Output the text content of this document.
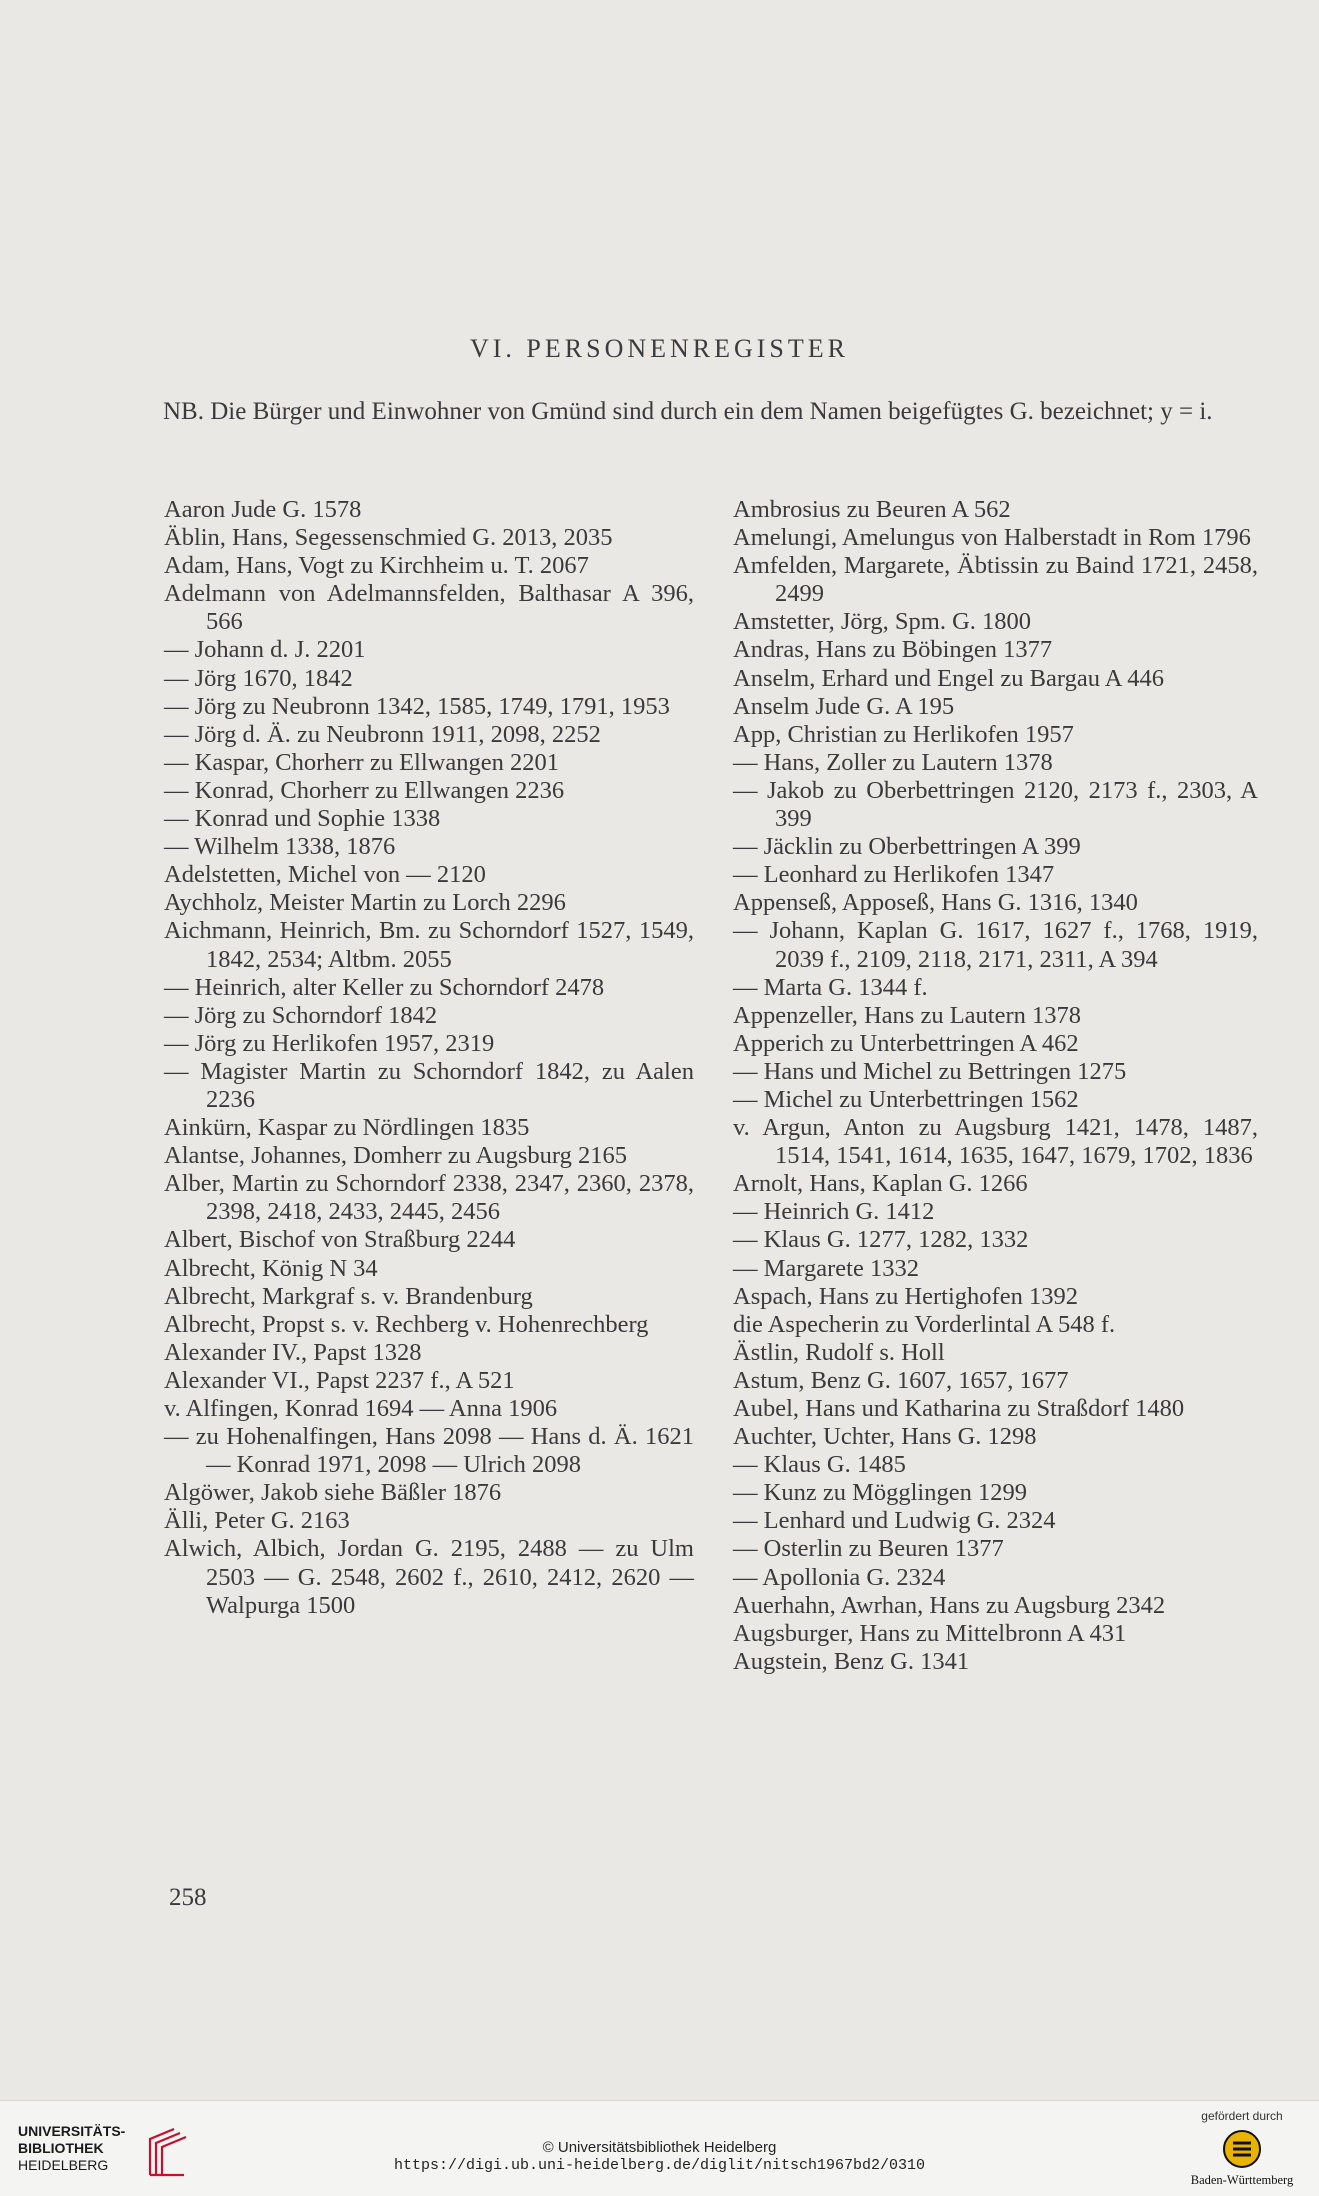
VI. PERSONENREGISTER
NB. Die Bürger und Einwohner von Gmünd sind durch ein dem Namen beigefügtes G. bezeichnet; y = i.

Aaron Jude G. 1578

Äblin, Hans, Segessenschmied G. 2013, 2035

Adam, Hans, Vogt zu Kirchheim u. T. 2067

Adelmann von Adelmannsfelden, Balthasar A 396, 566

— Johann d. J. 2201

— Jörg 1670, 1842

— Jörg zu Neubronn 1342, 1585, 1749, 1791, 1953

— Jörg d. Ä. zu Neubronn 1911, 2098, 2252

— Kaspar, Chorherr zu Ellwangen 2201

— Konrad, Chorherr zu Ellwangen 2236

— Konrad und Sophie 1338

— Wilhelm 1338, 1876

Adelstetten, Michel von — 2120

Aychholz, Meister Martin zu Lorch 2296

Aichmann, Heinrich, Bm. zu Schorndorf 1527, 1549, 1842, 2534; Altbm. 2055

— Heinrich, alter Keller zu Schorndorf 2478

— Jörg zu Schorndorf 1842

— Jörg zu Herlikofen 1957, 2319

— Magister Martin zu Schorndorf 1842, zu Aalen 2236

Ainkürn, Kaspar zu Nördlingen 1835

Alantse, Johannes, Domherr zu Augsburg 2165

Alber, Martin zu Schorndorf 2338, 2347, 2360, 2378, 2398, 2418, 2433, 2445, 2456

Albert, Bischof von Straßburg 2244

Albrecht, König N 34

Albrecht, Markgraf s. v. Brandenburg

Albrecht, Propst s. v. Rechberg v. Hohenrechberg

Alexander IV., Papst 1328

Alexander VI., Papst 2237 f., A 521

v. Alfingen, Konrad 1694 — Anna 1906

— zu Hohenalfingen, Hans 2098 — Hans d. Ä. 1621 — Konrad 1971, 2098 — Ulrich 2098

Algöwer, Jakob siehe Bäßler 1876

Älli, Peter G. 2163

Alwich, Albich, Jordan G. 2195, 2488 — zu Ulm 2503 — G. 2548, 2602 f., 2610, 2412, 2620 — Walpurga 1500

Ambrosius zu Beuren A 562

Amelungi, Amelungus von Halberstadt in Rom 1796

Amfelden, Margarete, Äbtissin zu Baind 1721, 2458, 2499

Amstetter, Jörg, Spm. G. 1800

Andras, Hans zu Böbingen 1377

Anselm, Erhard und Engel zu Bargau A 446

Anselm Jude G. A 195

App, Christian zu Herlikofen 1957

— Hans, Zoller zu Lautern 1378

— Jakob zu Oberbettringen 2120, 2173 f., 2303, A 399

— Jäcklin zu Oberbettringen A 399

— Leonhard zu Herlikofen 1347

Appenseß, Apposeß, Hans G. 1316, 1340

— Johann, Kaplan G. 1617, 1627 f., 1768, 1919, 2039 f., 2109, 2118, 2171, 2311, A 394

— Marta G. 1344 f.

Appenzeller, Hans zu Lautern 1378

Apperich zu Unterbettringen A 462

— Hans und Michel zu Bettringen 1275

— Michel zu Unterbettringen 1562

v. Argun, Anton zu Augsburg 1421, 1478, 1487, 1514, 1541, 1614, 1635, 1647, 1679, 1702, 1836

Arnolt, Hans, Kaplan G. 1266

— Heinrich G. 1412

— Klaus G. 1277, 1282, 1332

— Margarete 1332

Aspach, Hans zu Hertighofen 1392

die Aspecherin zu Vorderlintal A 548 f.

Ästlin, Rudolf s. Holl

Astum, Benz G. 1607, 1657, 1677

Aubel, Hans und Katharina zu Straßdorf 1480

Auchter, Uchter, Hans G. 1298

— Klaus G. 1485

— Kunz zu Mögglingen 1299

— Lenhard und Ludwig G. 2324

— Osterlin zu Beuren 1377

— Apollonia G. 2324

Auerhahn, Awrhan, Hans zu Augsburg 2342

Augsburger, Hans zu Mittelbronn A 431

Augstein, Benz G. 1341

258
UNIVERSITÄTS-
BIBLIOTHEK
HEIDELBERG
© Universitätsbibliothek Heidelberg
https://digi.ub.uni-heidelberg.de/diglit/nitsch1967bd2/0310
gefördert durch
Baden-Württemberg
